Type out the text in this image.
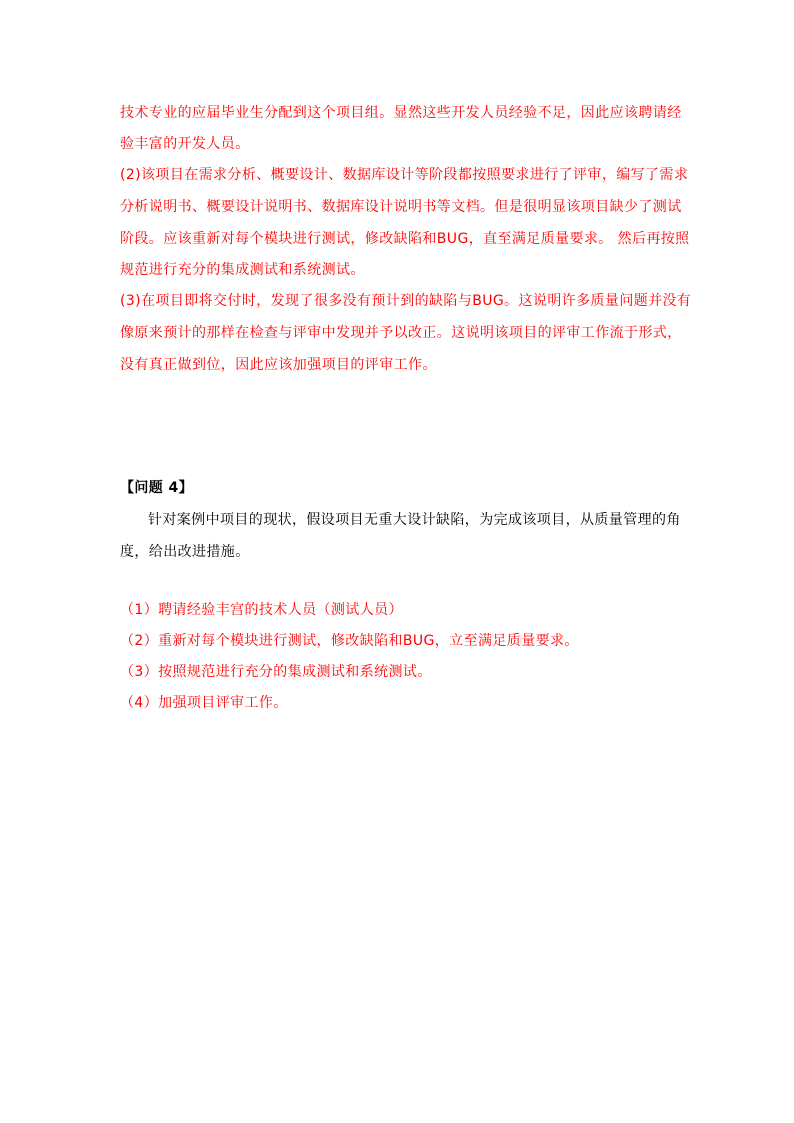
技术专业的应届毕业生分配到这个项目组。显然这些开发人员经验不足，因此应该聘请经
验丰富的开发人员。
(2)该项目在需求分析、概要设计、数据库设计等阶段都按照要求进行了评审，编写了需求
分析说明书、概要设计说明书、数据库设计说明书等文档。但是很明显该项目缺少了测试
阶段。应该重新对每个模块进行测试，修改缺陷和BUG，直至满足质量要求。 然后再按照
规范进行充分的集成测试和系统测试。
(3)在项目即将交付时，发现了很多没有预计到的缺陷与BUG。这说明许多质量问题并没有
像原来预计的那样在检查与评审中发现并予以改正。这说明该项目的评审工作流于形式，
没有真正做到位，因此应该加强项目的评审工作。
【问题 4】
针对案例中项目的现状，假设项目无重大设计缺陷，为完成该项目，从质量管理的角
度，给出改进措施。
（1）聘请经验丰宫的技术人员（测试人员）
（2）重新对每个模块进行测试，修改缺陷和BUG，立至满足质量要求。
（3）按照规范进行充分的集成测试和系统测试。
（4）加强项目评审工作。
